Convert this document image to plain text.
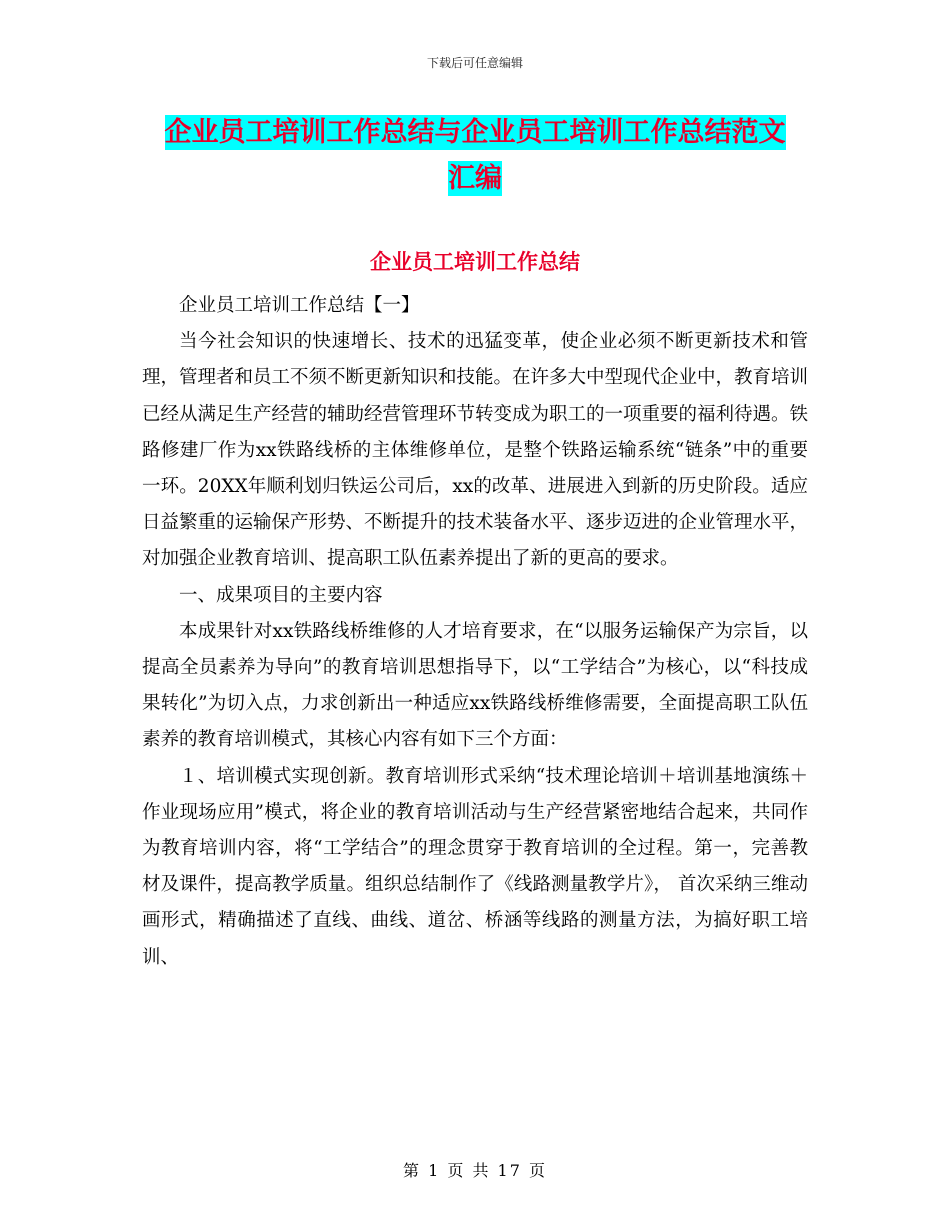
下载后可任意编辑
企业员工培训工作总结与企业员工培训工作总结范文
汇编
企业员工培训工作总结

企业员工培训工作总结【一】

当今社会知识的快速增长、技术的迅猛变革，使企业必须不断更新技术和管理，管理者和员工不须不断更新知识和技能。在许多大中型现代企业中，教育培训已经从满足生产经营的辅助经营管理环节转变成为职工的一项重要的福利待遇。铁路修建厂作为xx铁路线桥的主体维修单位，是整个铁路运输系统“链条”中的重要一环。20XX年顺利划归铁运公司后，xx的改革、进展进入到新的历史阶段。适应日益繁重的运输保产形势、不断提升的技术装备水平、逐步迈进的企业管理水平，对加强企业教育培训、提高职工队伍素养提出了新的更高的要求。

一、成果项目的主要内容

本成果针对xx铁路线桥维修的人才培育要求，在“以服务运输保产为宗旨，以提高全员素养为导向”的教育培训思想指导下，以“工学结合”为核心，以“科技成果转化”为切入点，力求创新出一种适应xx铁路线桥维修需要，全面提高职工队伍素养的教育培训模式，其核心内容有如下三个方面：

１、培训模式实现创新。教育培训形式采纳“技术理论培训＋培训基地演练＋作业现场应用”模式，将企业的教育培训活动与生产经营紧密地结合起来，共同作为教育培训内容，将“工学结合”的理念贯穿于教育培训的全过程。第一，完善教材及课件，提高教学质量。组织总结制作了《线路测量教学片》， 首次采纳三维动画形式，精确描述了直线、曲线、道岔、桥涵等线路的测量方法，为搞好职工培训、

第 1 页 共 17 页
